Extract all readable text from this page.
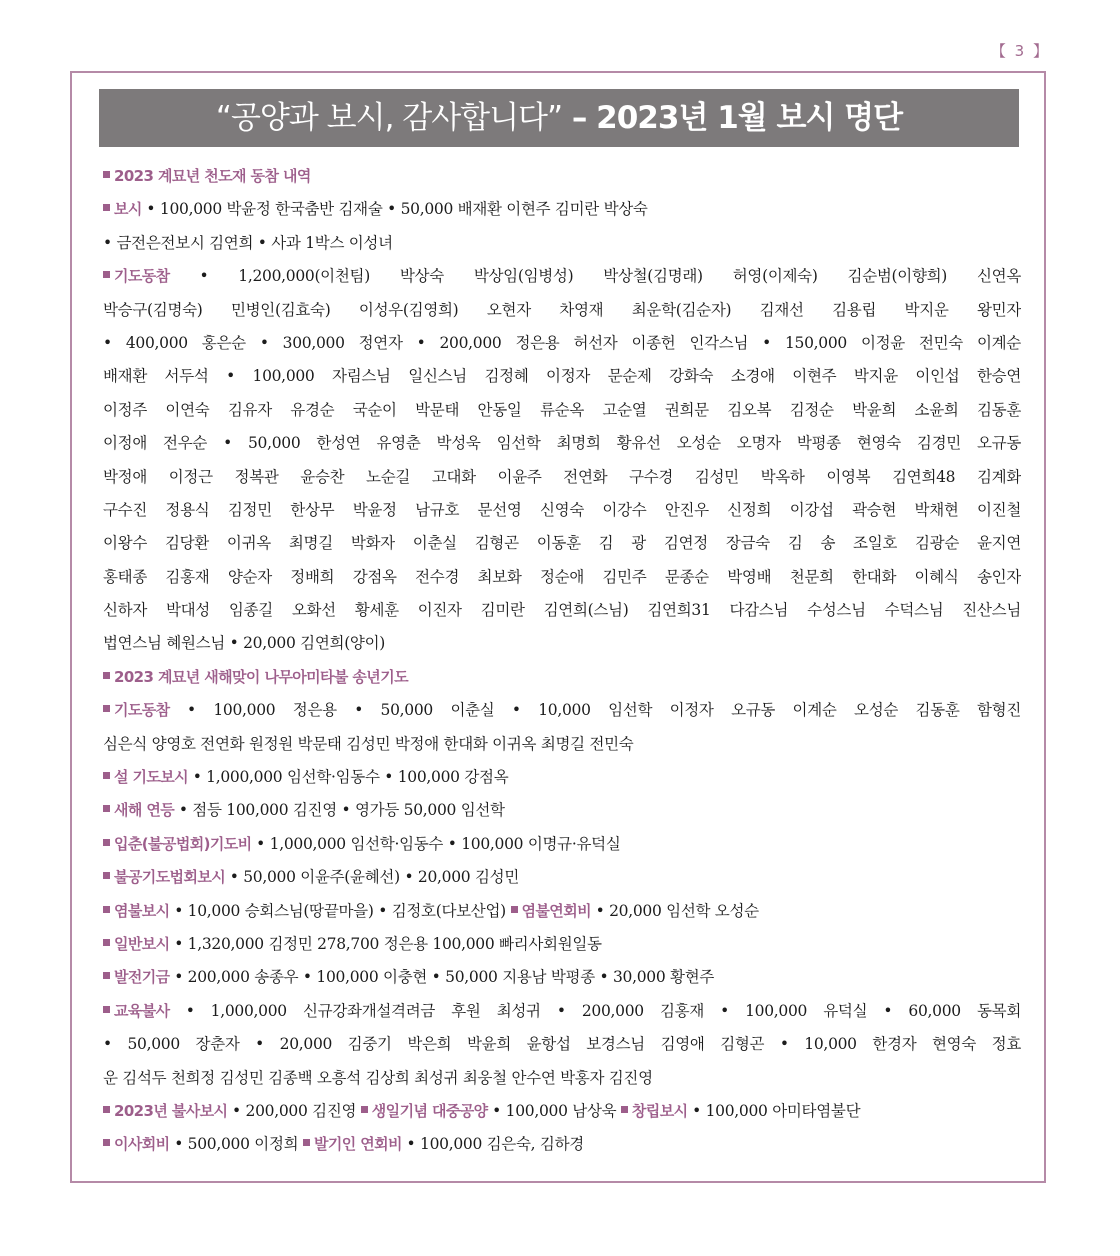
【 3 】
“공양과 보시, 감사합니다” – 2023년 1월 보시 명단
2023 계묘년 천도재 동참 내역
보시 • 100,000 박윤정 한국춤반 김재술 • 50,000 배재환 이현주 김미란 박상숙
• 금전은전보시 김연희 • 사과 1박스 이성녀
기도동참 • 1,200,000(이천팀) 박상숙 박상임(임병성) 박상철(김명래) 허영(이제숙) 김순범(이향희) 신연옥
박승구(김명숙) 민병인(김효숙) 이성우(김영희) 오현자 차영재 최운학(김순자) 김재선 김용립 박지운 왕민자
• 400,000 홍은순 • 300,000 정연자 • 200,000 정은용 허선자 이종헌 인각스님 • 150,000 이정윤 전민숙 이계순
배재환 서두석 • 100,000 자림스님 일신스님 김정혜 이정자 문순제 강화숙 소경애 이현주 박지윤 이인섭 한승연
이정주 이연숙 김유자 유경순 국순이 박문태 안동일 류순옥 고순열 권희문 김오복 김정순 박윤희 소윤희 김동훈
이정애 전우순 • 50,000 한성연 유영춘 박성욱 임선학 최명희 황유선 오성순 오명자 박평종 현영숙 김경민 오규동
박정애 이정근 정복관 윤승찬 노순길 고대화 이윤주 전연화 구수경 김성민 박옥하 이영복 김연희48 김계화
구수진 정용식 김정민 한상무 박윤정 남규호 문선영 신영숙 이강수 안진우 신정희 이강섭 곽승현 박채현 이진철
이왕수 김당환 이귀옥 최명길 박화자 이춘실 김형곤 이동훈 김 광 김연정 장금숙 김 송 조일호 김광순 윤지연
홍태종 김홍재 양순자 정배희 강점옥 전수경 최보화 정순애 김민주 문종순 박영배 천문희 한대화 이혜식 송인자
신하자 박대성 임종길 오화선 황세훈 이진자 김미란 김연희(스님) 김연희31 다감스님 수성스님 수덕스님 진산스님
법연스님 혜원스님 • 20,000 김연희(양이)
2023 계묘년 새해맞이 나무아미타불 송년기도
기도동참 • 100,000 정은용 • 50,000 이춘실 • 10,000 임선학 이정자 오규동 이계순 오성순 김동훈 함형진
심은식 양영호 전연화 원정원 박문태 김성민 박정애 한대화 이귀옥 최명길 전민숙
설 기도보시 • 1,000,000 임선학·임동수 • 100,000 강점옥
새해 연등 • 점등 100,000 김진영 • 영가등 50,000 임선학
입춘(불공법회)기도비 • 1,000,000 임선학·임동수 • 100,000 이명규·유덕실
불공기도법회보시 • 50,000 이윤주(윤혜선) • 20,000 김성민
염불보시 • 10,000 승회스님(땅끝마을) • 김정호(다보산업) 염불연회비 • 20,000 임선학 오성순
일반보시 • 1,320,000 김정민 278,700 정은용 100,000 빠리사회원일동
발전기금 • 200,000 송종우 • 100,000 이충현 • 50,000 지용남 박평종 • 30,000 황현주
교육불사 • 1,000,000 신규강좌개설격려금 후원 최성귀 • 200,000 김홍재 • 100,000 유덕실 • 60,000 동목회
• 50,000 장춘자 • 20,000 김중기 박은희 박윤희 윤항섭 보경스님 김영애 김형곤 • 10,000 한경자 현영숙 정효
운 김석두 천희정 김성민 김종백 오흥석 김상희 최성귀 최웅철 안수연 박홍자 김진영
2023년 불사보시 • 200,000 김진영 생일기념 대중공양 • 100,000 남상욱 창립보시 • 100,000 아미타염불단
이사회비 • 500,000 이정희 발기인 연회비 • 100,000 김은숙, 김하경
